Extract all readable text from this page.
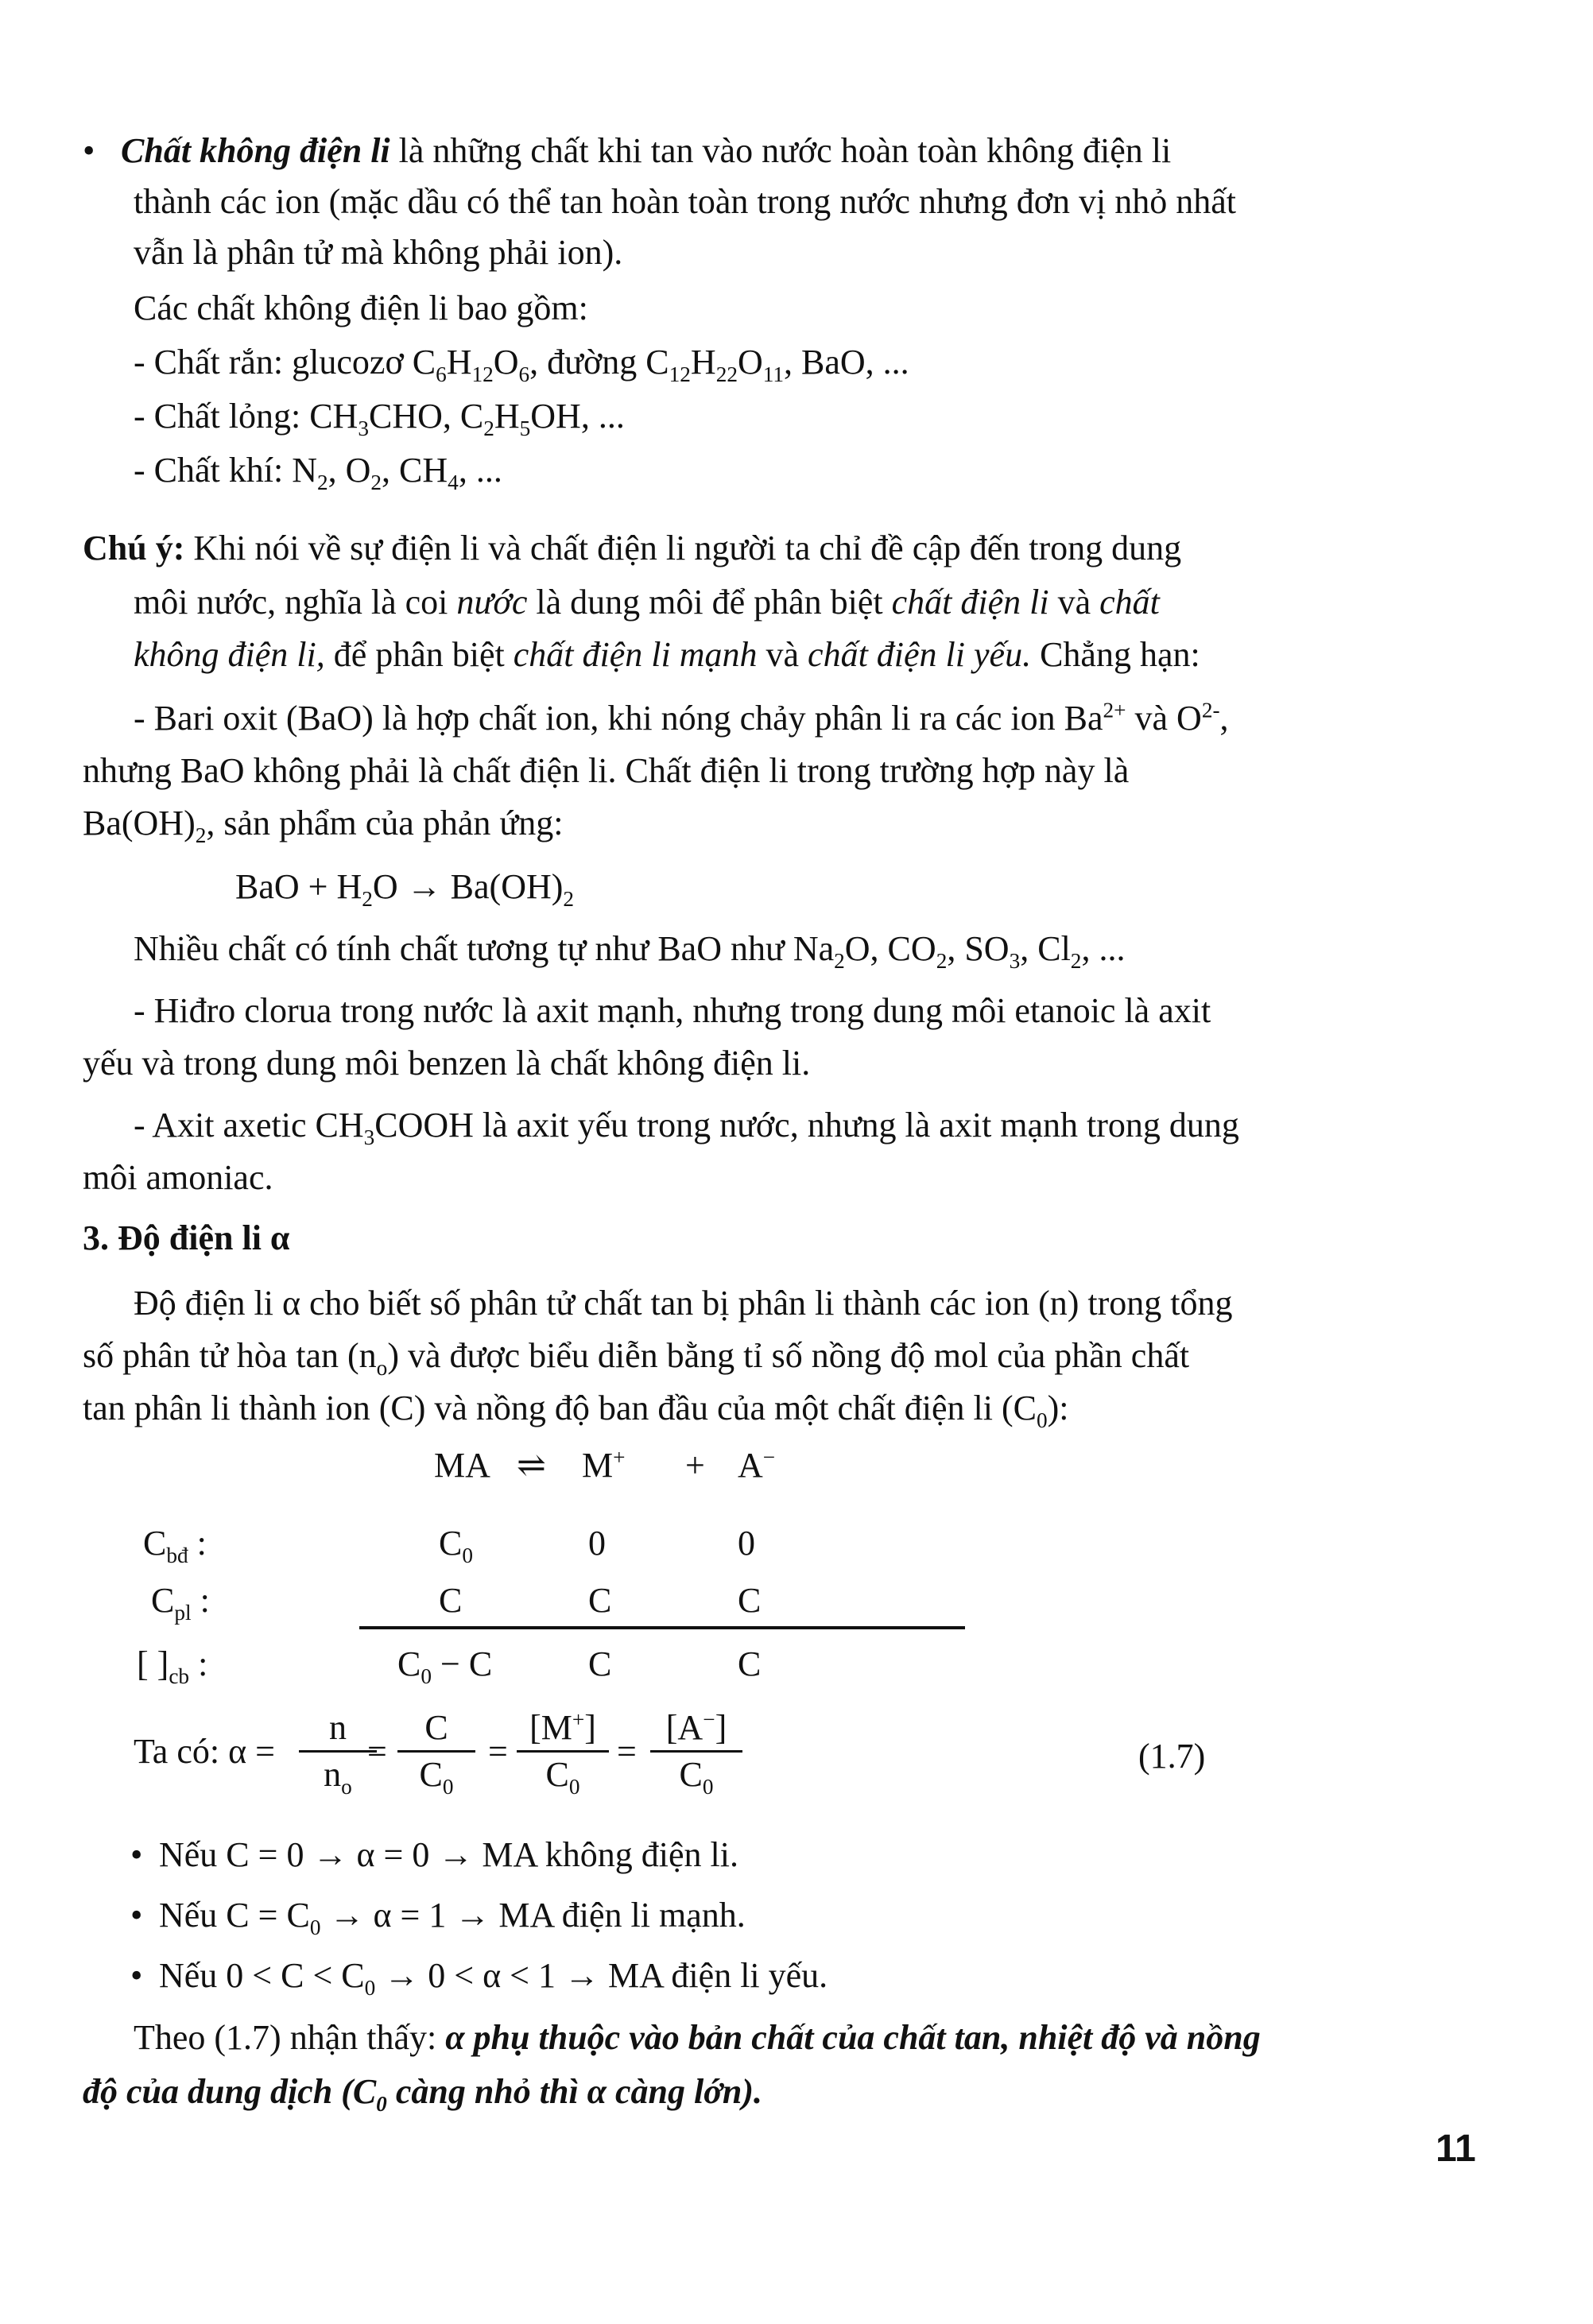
• Chất không điện li là những chất khi tan vào nước hoàn toàn không điện li
thành các ion (mặc dầu có thể tan hoàn toàn trong nước nhưng đơn vị nhỏ nhất
vẫn là phân tử mà không phải ion).
Các chất không điện li bao gồm:
- Chất rắn: glucozơ $C_6H_{12}O_6$, đường $C_{12}H_{22}O_{11}$, BaO, ...
- Chất lỏng: $CH_3CHO$, $C_2H_5OH$, ...
- Chất khí: $N_2$, $O_2$, $CH_4$, ...
Chú ý: Khi nói về sự điện li và chất điện li người ta chỉ đề cập đến trong dung
môi nước, nghĩa là coi nước là dung môi để phân biệt chất điện li và chất
không điện li, để phân biệt chất điện li mạnh và chất điện li yếu. Chẳng hạn:
- Bari oxit (BaO) là hợp chất ion, khi nóng chảy phân li ra các ion $Ba^{2+}$ và $O^{2-}$,
nhưng BaO không phải là chất điện li. Chất điện li trong trường hợp này là
$Ba(OH)_2$, sản phẩm của phản ứng:
BaO + $H_2O \to Ba(OH)_2$
Nhiều chất có tính chất tương tự như BaO như $Na_2O$, $CO_2$, $SO_3$, $Cl_2$, ...
- Hiđro clorua trong nước là axit mạnh, nhưng trong dung môi etanoic là axit
yếu và trong dung môi benzen là chất không điện li.
- Axit axetic $CH_3COOH$ là axit yếu trong nước, nhưng là axit mạnh trong dung
môi amoniac.
3. Độ điện li α
Độ điện li α cho biết số phân tử chất tan bị phân li thành các ion (n) trong tổng
số phân tử hòa $\tan (n_o)$ và được biểu diễn bằng tỉ số nồng độ mol của phần chất
tan phân li thành ion (C) và nồng độ ban đầu của một chất điện li $(C_0)$:
MA ⇌ M+ + A−
$C_{bđ}$ :	$C_0$	0	0
$C_{pl}$ :	C	C	C
[ ]$_{cb}$ :	$C_0 - C$	C	C
Ta có: α =
n
$n_o$
=
C
$C_0$
=
[M+]
$C_0$
=
[A−]
$C_0$
(1.7)
• Nếu C = 0 → α = 0 → MA không điện li.
• Nếu $C = C_0 \to \alpha = 1$ → MA điện li mạnh.
• Nếu $0 < C < C_0 \to 0 < \alpha < 1$ → MA điện li yếu.
Theo (1.7) nhận thấy: α phụ thuộc vào bản chất của chất tan, nhiệt độ và nồng
độ của dung dịch ($C_0$ càng nhỏ thì α càng lớn).
11
